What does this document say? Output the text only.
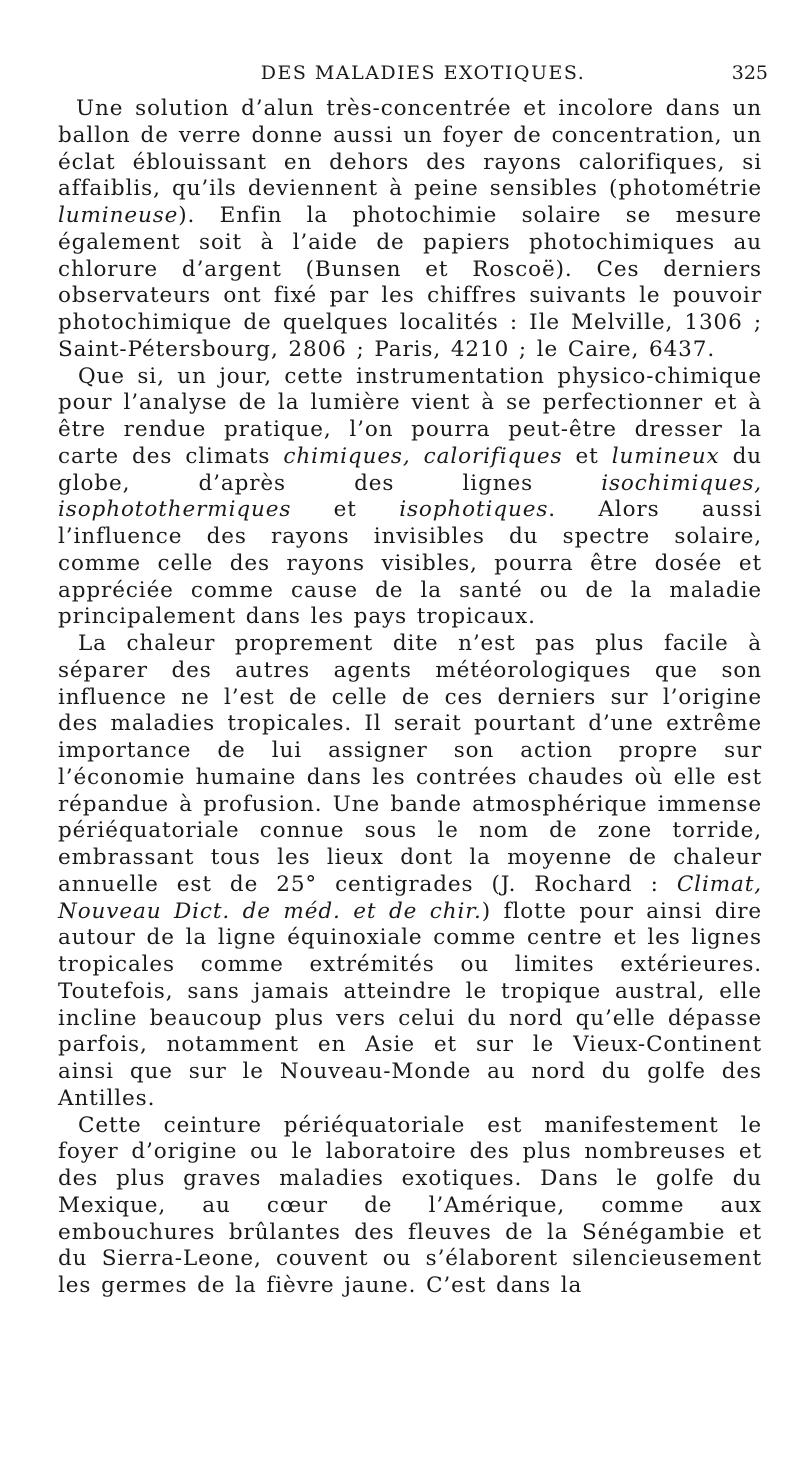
DES MALADIES EXOTIQUES.	325

Une solution d’alun très-concentrée et incolore dans un ballon de verre donne aussi un foyer de concentration, un éclat éblouissant en dehors des rayons calorifiques, si affaiblis, qu’ils deviennent à peine sensibles (photométrie lumineuse). Enfin la photochimie solaire se mesure également soit à l’aide de papiers photochimiques au chlorure d’argent (Bunsen et Roscoë). Ces derniers observateurs ont fixé par les chiffres suivants le pouvoir photochimique de quelques localités : Ile Melville, 1306 ; Saint-Pétersbourg, 2806 ; Paris, 4210 ; le Caire, 6437.

Que si, un jour, cette instrumentation physico-chimique pour l’analyse de la lumière vient à se perfectionner et à être rendue pratique, l’on pourra peut-être dresser la carte des climats chimiques, calorifiques et lumineux du globe, d’après des lignes isochimiques, isophotothermiques et isophotiques. Alors aussi l’influence des rayons invisibles du spectre solaire, comme celle des rayons visibles, pourra être dosée et appréciée comme cause de la santé ou de la maladie principalement dans les pays tropicaux.

La chaleur proprement dite n’est pas plus facile à séparer des autres agents météorologiques que son influence ne l’est de celle de ces derniers sur l’origine des maladies tropicales. Il serait pourtant d’une extrême importance de lui assigner son action propre sur l’économie humaine dans les contrées chaudes où elle est répandue à profusion. Une bande atmosphérique immense périéquatoriale connue sous le nom de zone torride, embrassant tous les lieux dont la moyenne de chaleur annuelle est de 25° centigrades (J. Rochard : Climat, Nouveau Dict. de méd. et de chir.) flotte pour ainsi dire autour de la ligne équinoxiale comme centre et les lignes tropicales comme extrémités ou limites extérieures. Toutefois, sans jamais atteindre le tropique austral, elle incline beaucoup plus vers celui du nord qu’elle dépasse parfois, notamment en Asie et sur le Vieux-Continent ainsi que sur le Nouveau-Monde au nord du golfe des Antilles.

Cette ceinture périéquatoriale est manifestement le foyer d’origine ou le laboratoire des plus nombreuses et des plus graves maladies exotiques. Dans le golfe du Mexique, au cœur de l’Amérique, comme aux embouchures brûlantes des fleuves de la Sénégambie et du Sierra-Leone, couvent ou s’élaborent silencieusement les germes de la fièvre jaune. C’est dans la
